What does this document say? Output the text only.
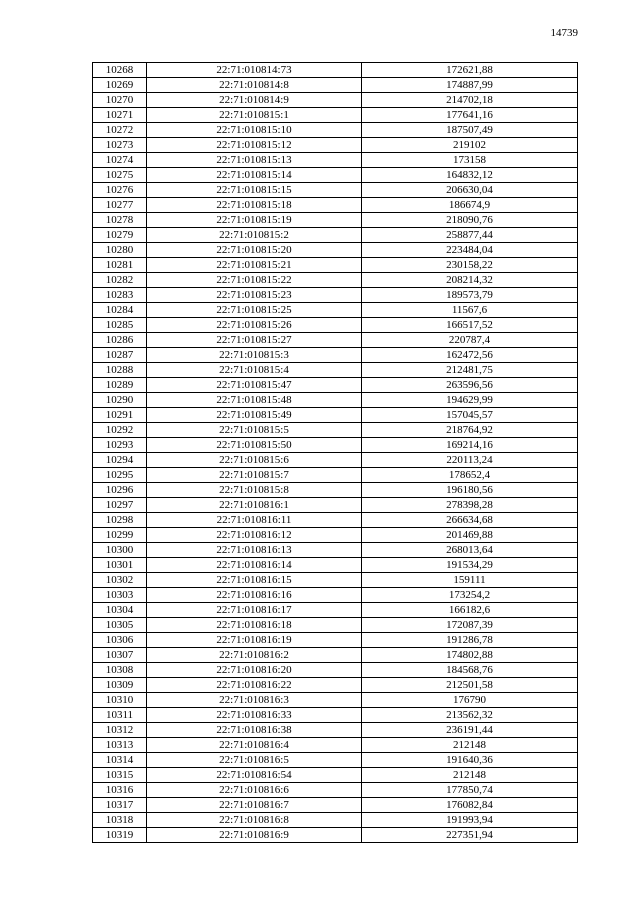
14739
10268	22:71:010814:73	172621,88
10269	22:71:010814:8	174887,99
10270	22:71:010814:9	214702,18
10271	22:71:010815:1	177641,16
10272	22:71:010815:10	187507,49
10273	22:71:010815:12	219102
10274	22:71:010815:13	173158
10275	22:71:010815:14	164832,12
10276	22:71:010815:15	206630,04
10277	22:71:010815:18	186674,9
10278	22:71:010815:19	218090,76
10279	22:71:010815:2	258877,44
10280	22:71:010815:20	223484,04
10281	22:71:010815:21	230158,22
10282	22:71:010815:22	208214,32
10283	22:71:010815:23	189573,79
10284	22:71:010815:25	11567,6
10285	22:71:010815:26	166517,52
10286	22:71:010815:27	220787,4
10287	22:71:010815:3	162472,56
10288	22:71:010815:4	212481,75
10289	22:71:010815:47	263596,56
10290	22:71:010815:48	194629,99
10291	22:71:010815:49	157045,57
10292	22:71:010815:5	218764,92
10293	22:71:010815:50	169214,16
10294	22:71:010815:6	220113,24
10295	22:71:010815:7	178652,4
10296	22:71:010815:8	196180,56
10297	22:71:010816:1	278398,28
10298	22:71:010816:11	266634,68
10299	22:71:010816:12	201469,88
10300	22:71:010816:13	268013,64
10301	22:71:010816:14	191534,29
10302	22:71:010816:15	159111
10303	22:71:010816:16	173254,2
10304	22:71:010816:17	166182,6
10305	22:71:010816:18	172087,39
10306	22:71:010816:19	191286,78
10307	22:71:010816:2	174802,88
10308	22:71:010816:20	184568,76
10309	22:71:010816:22	212501,58
10310	22:71:010816:3	176790
10311	22:71:010816:33	213562,32
10312	22:71:010816:38	236191,44
10313	22:71:010816:4	212148
10314	22:71:010816:5	191640,36
10315	22:71:010816:54	212148
10316	22:71:010816:6	177850,74
10317	22:71:010816:7	176082,84
10318	22:71:010816:8	191993,94
10319	22:71:010816:9	227351,94
